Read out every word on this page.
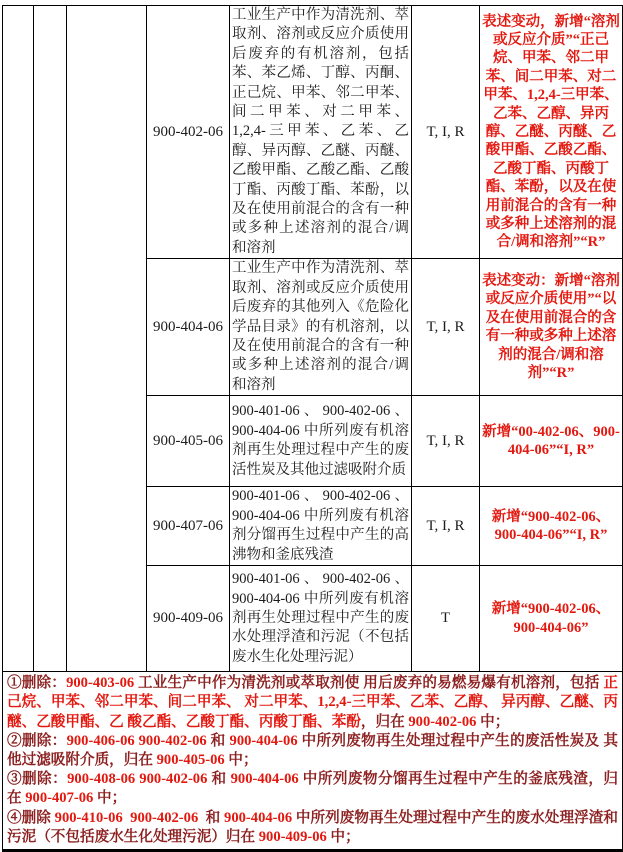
			900-402-06	工业生产中作为清洗剂、萃取剂、溶剂或反应介质使用后废弃的有机溶剂，包括苯、苯乙烯、丁醇、丙酮、正己烷、甲苯、邻二甲苯、间二甲苯、对二甲苯、1,2,4-三甲苯、乙苯、乙醇、异丙醇、乙醚、丙醚、乙酸甲酯、乙酸乙酯、乙酸丁酯、丙酸丁酯、苯酚，以及在使用前混合的含有一种或多种上述溶剂的混合/调和溶剂	T, I, R	表述变动，新增“溶剂或反应介质”“正己烷、甲苯、邻二甲苯、间二甲苯、对二甲苯、1,2,4-三甲苯、乙苯、乙醇、异丙醇、乙醚、丙醚、乙酸甲酯、乙酸乙酯、乙酸丁酯、丙酸丁酯、苯酚，以及在使用前混合的含有一种或多种上述溶剂的混合/调和溶剂”“R”
			900-404-06	工业生产中作为清洗剂、萃取剂、溶剂或反应介质使用后废弃的其他列入《危险化学品目录》的有机溶剂，以及在使用前混合的含有一种或多种上述溶剂的混合/调和溶剂	T, I, R	表述变动：新增“溶剂或反应介质使用”“以及在使用前混合的含有一种或多种上述溶剂的混合/调和溶剂”“R”
			900-405-06	900-401-06、900-402-06、900-404-06 中所列废有机溶剂再生处理过程中产生的废活性炭及其他过滤吸附介质	T, I, R	新增“00-402-06、900-404-06”“I, R”
			900-407-06	900-401-06、900-402-06、900-404-06 中所列废有机溶剂分馏再生过程中产生的高沸物和釜底残渣	T, I, R	新增“900-402-06、900-404-06”“I, R”
			900-409-06	900-401-06、900-402-06、900-404-06 中所列废有机溶剂再生处理过程中产生的废水处理浮渣和污泥（不包括废水生化处理污泥）	T	新增“900-402-06、900-404-06”

①删除：900-403-06 工业生产中作为清洗剂或萃取剂使 用后废弃的易燃易爆有机溶剂，包括 正己烷、甲苯、邻二甲苯、间二甲苯、 对二甲苯、1,2,4-三甲苯、乙苯、乙醇、 异丙醇、乙醚、丙醚、乙酸甲酯、乙 酸乙酯、乙酸丁酯、丙酸丁酯、苯酚，归在 900-402-06 中；
②删除：900-406-06 900-402-06 和 900-404-06 中所列废物再生处理过程中产生的废活性炭及 其他过滤吸附介质，归在 900-405-06 中；
③删除：900-408-06 900-402-06 和 900-404-06 中所列废物分馏再生过程中产生的釜底残渣，归在 900-407-06 中；
④删除 900-410-06  900-402-06  和 900-404-06 中所列废物再生处理过程中产生的废水处理浮渣和污泥（不包括废水生化处理污泥）归在 900-409-06 中；						
